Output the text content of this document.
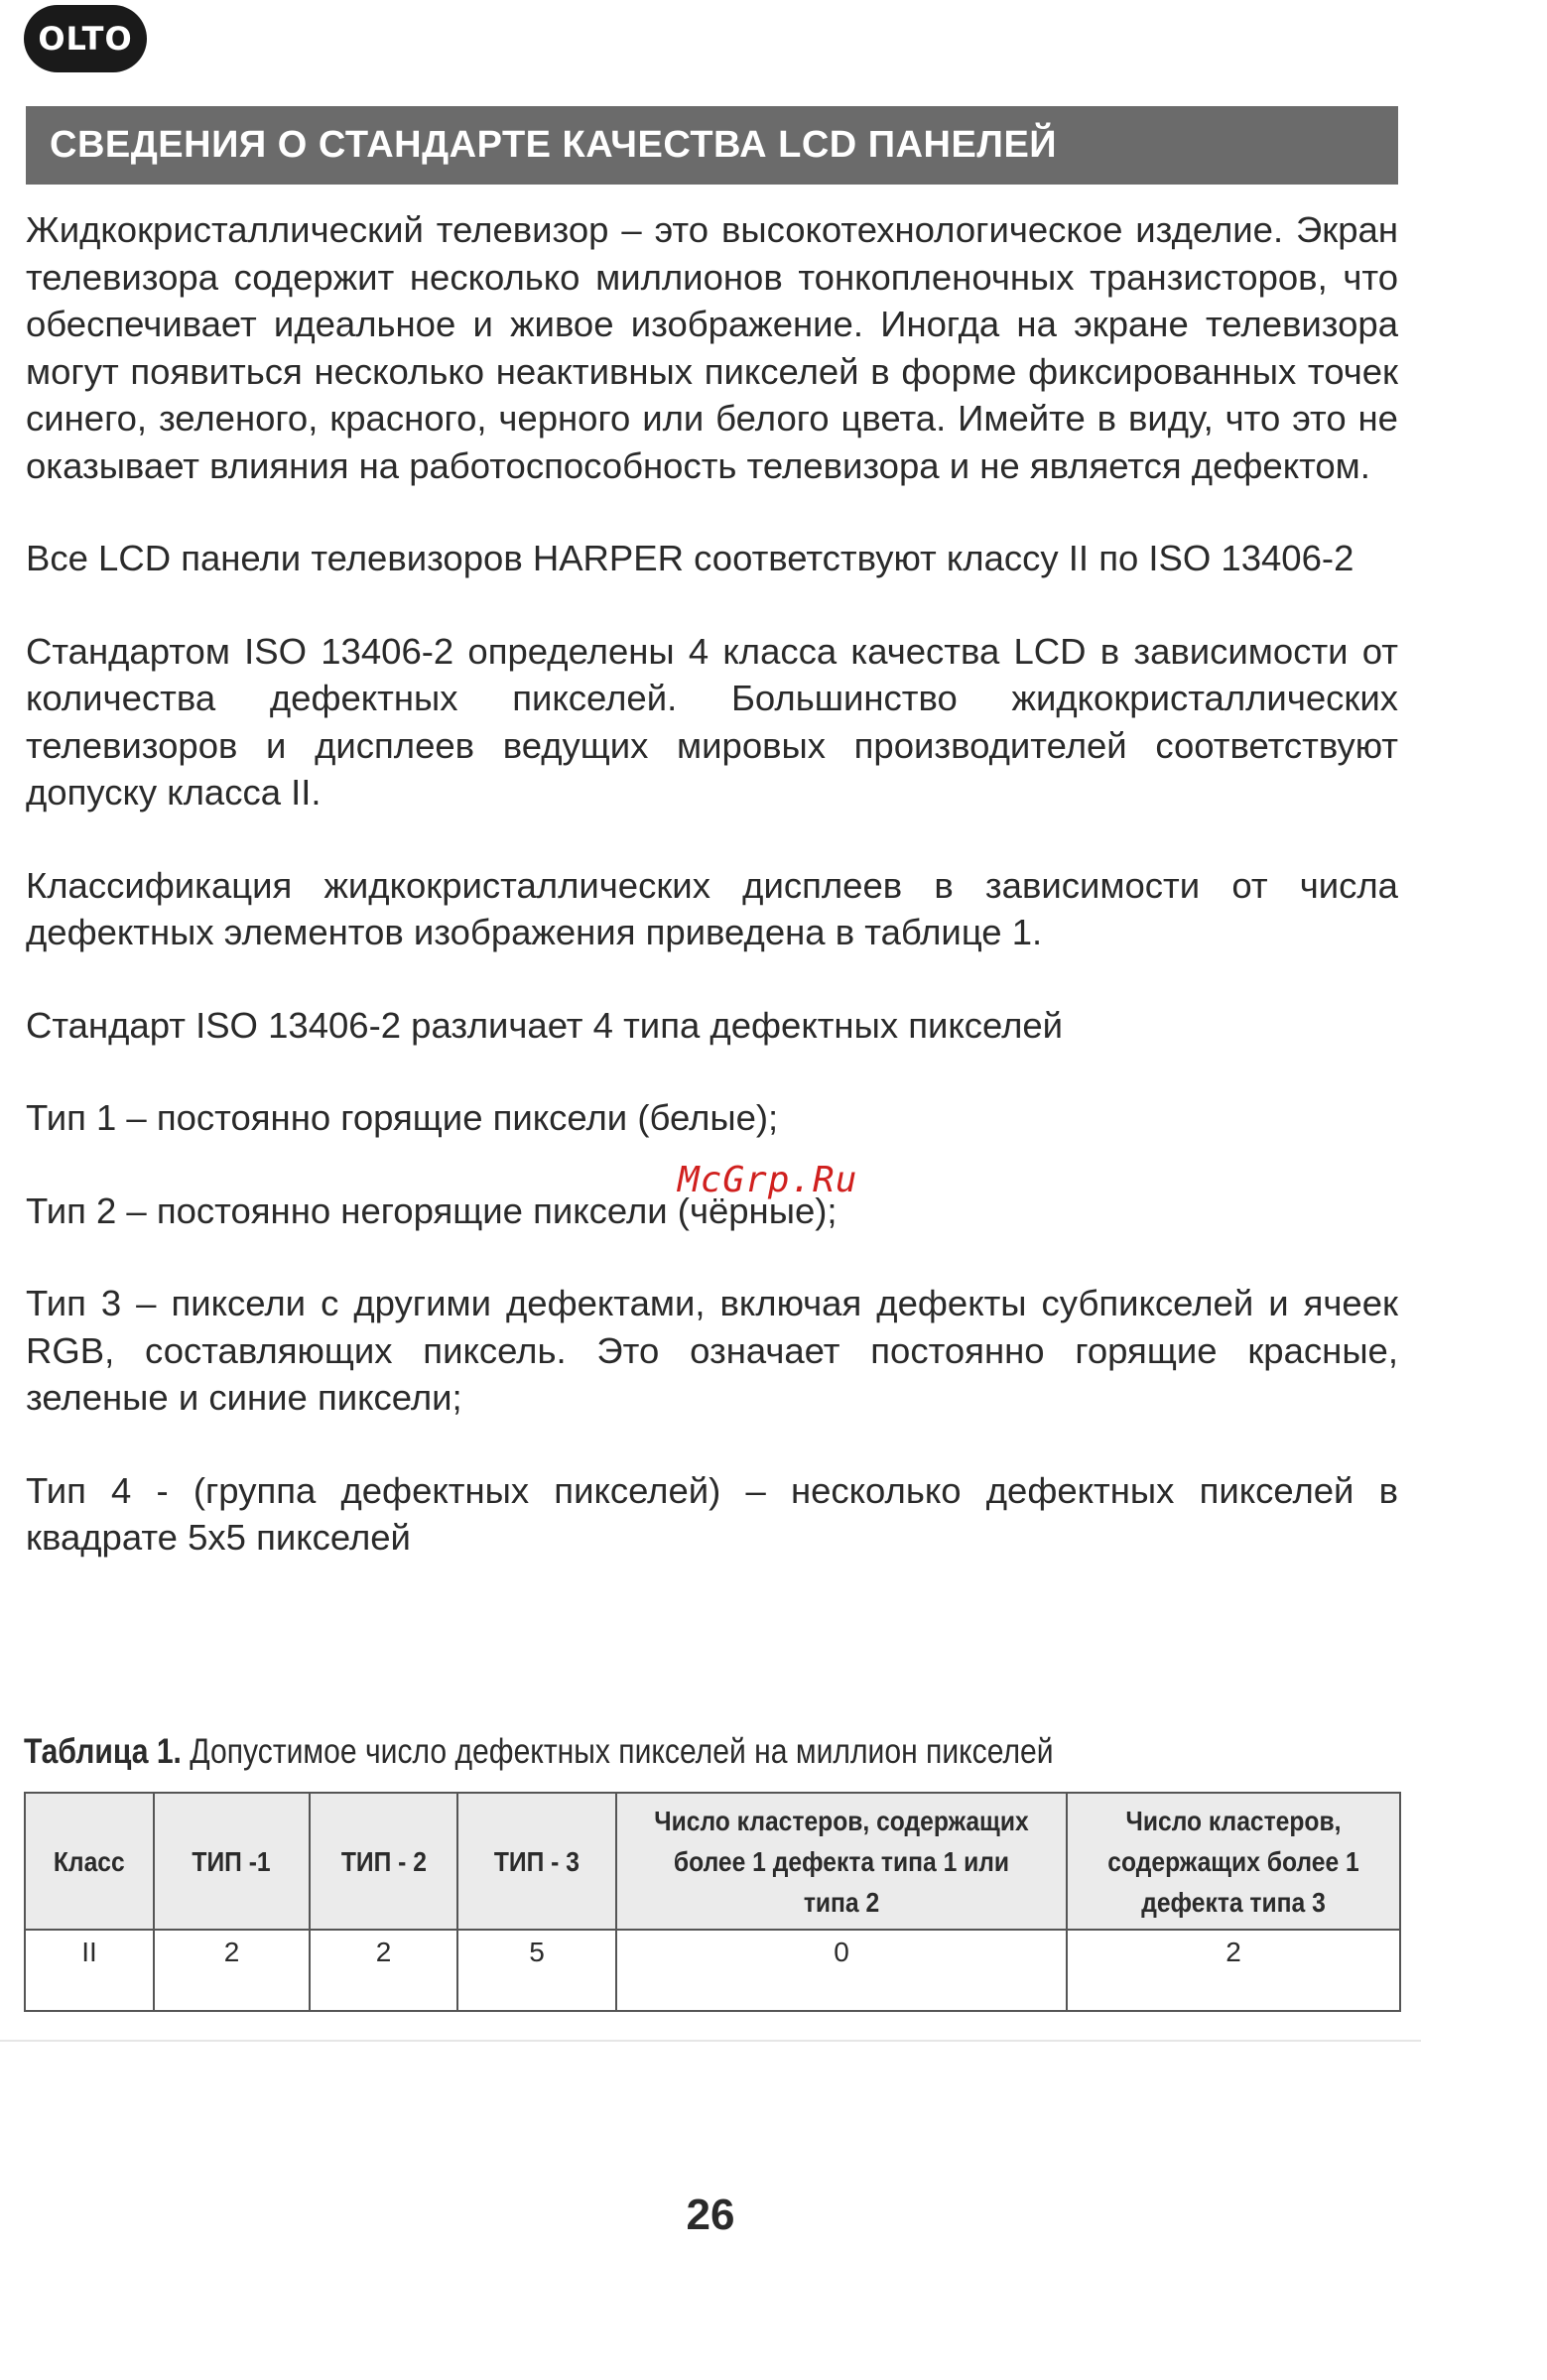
OLTO
СВЕДЕНИЯ О СТАНДАРТЕ КАЧЕСТВА LCD ПАНЕЛЕЙ

Жидкокристаллический телевизор – это высокотехнологическое изделие. Экран телевизора содержит несколько миллионов тонкопленочных транзисторов, что обеспечивает идеальное и живое изображение. Иногда на экране телевизора могут появиться несколько неактивных пикселей в форме фиксированных точек синего, зеленого, красного, черного или белого цвета. Имейте в виду, что это не оказывает влияния на работоспособность телевизора и не является дефектом.

Все LCD панели телевизоров HARPER соответствуют классу II по ISO 13406-2

Стандартом ISO 13406-2 определены 4 класса качества LCD в зависимости от количества дефектных пикселей. Большинство жидкокристаллических телевизоров и дисплеев ведущих мировых производителей соответствуют допуску класса II.

Классификация жидкокристаллических дисплеев в зависимости от числа дефектных элементов изображения приведена в таблице 1.

Стандарт ISO 13406-2 различает 4 типа дефектных пикселей

Тип 1 – постоянно горящие пиксели (белые);

Тип 2 – постоянно негорящие пиксели (чёрные);

Тип 3 – пиксели с другими дефектами, включая дефекты субпикселей и ячеек RGB, составляющих пиксель. Это означает постоянно горящие красные, зеленые и синие пиксели;

Тип 4 - (группа дефектных пикселей) – несколько дефектных пикселей в квадрате 5x5 пикселей

McGrp.Ru
Таблица 1. Допустимое число дефектных пикселей на миллион пикселей
Класс	ТИП -1	ТИП - 2	ТИП - 3	Число кластеров, содержащих более 1 дефекта типа 1 или типа 2	Число кластеров, содержащих более 1 дефекта типа 3
II	2	2	5	0	2
26
